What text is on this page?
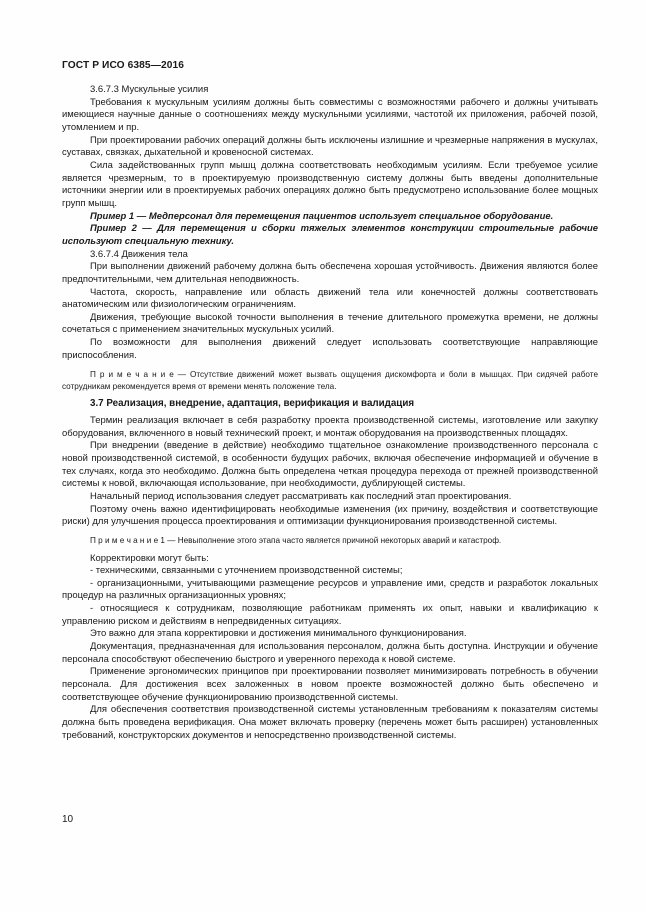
ГОСТ Р ИСО 6385—2016

3.6.7.3 Мускульные усилия

Требования к мускульным усилиям должны быть совместимы с возможностями рабочего и должны учитывать имеющиеся научные данные о соотношениях между мускульными усилиями, частотой их приложения, рабочей позой, утомлением и пр.

При проектировании рабочих операций должны быть исключены излишние и чрезмерные напряжения в мускулах, суставах, связках, дыхательной и кровеносной системах.

Сила задействованных групп мышц должна соответствовать необходимым усилиям. Если требуемое усилие является чрезмерным, то в проектируемую производственную систему должны быть введены дополнительные источники энергии или в проектируемых рабочих операциях должно быть предусмотрено использование более мощных групп мышц.

Пример 1 — Медперсонал для перемещения пациентов использует специальное оборудование.

Пример 2 — Для перемещения и сборки тяжелых элементов конструкции строительные рабочие используют специальную технику.

3.6.7.4 Движения тела

При выполнении движений рабочему должна быть обеспечена хорошая устойчивость. Движения являются более предпочтительными, чем длительная неподвижность.

Частота, скорость, направление или область движений тела или конечностей должны соответствовать анатомическим или физиологическим ограничениям.

Движения, требующие высокой точности выполнения в течение длительного промежутка времени, не должны сочетаться с применением значительных мускульных усилий.

По возможности для выполнения движений следует использовать соответствующие направляющие приспособления.

П р и м е ч а н и е — Отсутствие движений может вызвать ощущения дискомфорта и боли в мышцах. При сидячей работе сотрудникам рекомендуется время от времени менять положение тела.

3.7 Реализация, внедрение, адаптация, верификация и валидация

Термин реализация включает в себя разработку проекта производственной системы, изготовление или закупку оборудования, включенного в новый технический проект, и монтаж оборудования на производственных площадях.

При внедрении (введение в действие) необходимо тщательное ознакомление производственного персонала с новой производственной системой, в особенности будущих рабочих, включая обеспечение информацией и обучение в тех случаях, когда это необходимо. Должна быть определена четкая процедура перехода от прежней производственной системы к новой, включающая использование, при необходимости, дублирующей системы.

Начальный период использования следует рассматривать как последний этап проектирования.

Поэтому очень важно идентифицировать необходимые изменения (их причину, воздействия и соответствующие риски) для улучшения процесса проектирования и оптимизации функционирования производственной системы.

П р и м е ч а н и е 1 — Невыполнение этого этапа часто является причиной некоторых аварий и катастроф.

Корректировки могут быть:

- техническими, связанными с уточнением производственной системы;

- организационными, учитывающими размещение ресурсов и управление ими, средств и разработок локальных процедур на различных организационных уровнях;

- относящиеся к сотрудникам, позволяющие работникам применять их опыт, навыки и квалификацию к управлению риском и действиям в непредвиденных ситуациях.

Это важно для этапа корректировки и достижения минимального функционирования.

Документация, предназначенная для использования персоналом, должна быть доступна. Инструкции и обучение персонала способствуют обеспечению быстрого и уверенного перехода к новой системе.

Применение эргономических принципов при проектировании позволяет минимизировать потребность в обучении персонала. Для достижения всех заложенных в новом проекте возможностей должно быть обеспечено и соответствующее обучение функционированию производственной системы.

Для обеспечения соответствия производственной системы установленным требованиям к показателям системы должна быть проведена верификация. Она может включать проверку (перечень может быть расширен) установленных требований, конструкторских документов и непосредственно производственной системы.

10
